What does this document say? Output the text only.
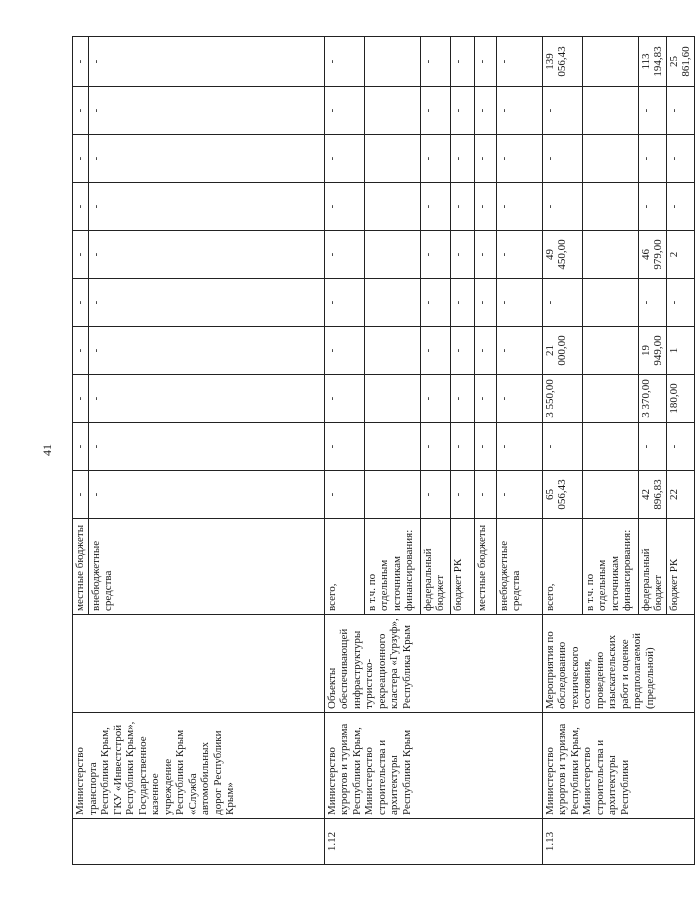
41
	Министерство транспорта Республики Крым, ГКУ «Инвестстрой Республики Крым», Государственное казенное учреждение Республики Крым «Служба автомобильных дорог Республики Крым»		местные бюджеты	-	-	-	-	-	-	-	-	-	-
			внебюджетные средства	-	-	-	-	-	-	-	-	-	-
1.12	Министерство курортов и туризма Республики Крым, Министерство строительства и архитектуры Республики Крым	Объекты обеспечивающей инфраструктуры туристско-рекреационного кластера «Гурзуф», Республика Крым	всего,	-	-	-	-	-	-	-	-	-	-
			в т.ч. по отдельным источникам финансирования:										
			федеральный бюджет	-	-	-	-	-	-	-	-	-	-
			бюджет РК	-	-	-	-	-	-	-	-	-	-
			местные бюджеты	-	-	-	-	-	-	-	-	-	-
			внебюджетные средства	-	-	-	-	-	-	-	-	-	-
1.13	Министерство курортов и туризма Республики Крым, Министерство строительства и архитектуры Республики	Мероприятия по обследованию технического состояния, проведению изыскательских работ и оценке предполагаемой (предельной)	всего,	65 056,43	-	3 550,00	21 000,00	-	49 450,00	-	-	-	139 056,43
			в т.ч. по отдельным источникам финансирования:										
			федеральный бюджет	42 896,83	-	3 370,00	19 949,00	-	46 979,00	-	-	-	113 194,83
			бюджет РК	22	-	180,00	1	-	2	-	-	-	25 861,60
